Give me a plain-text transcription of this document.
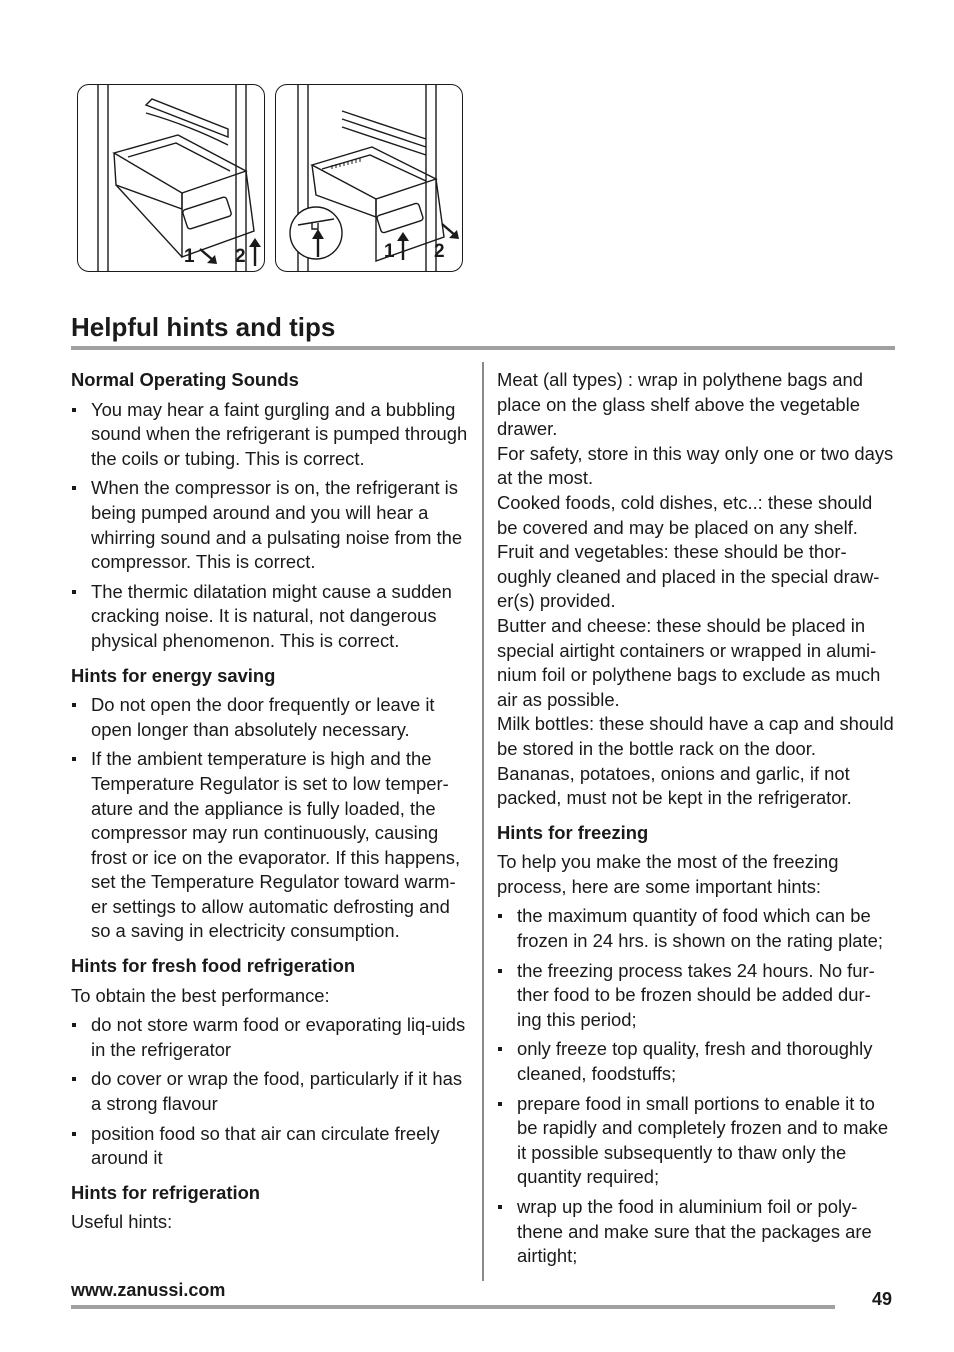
1 2	1 2
Helpful hints and tips
Normal Operating Sounds
You may hear a faint gurgling and a bubbling sound when the refrigerant is pumped through the coils or tubing. This is correct.
When the compressor is on, the refrigerant is being pumped around and you will hear a whirring sound and a pulsating noise from the compressor. This is correct.
The thermic dilatation might cause a sudden cracking noise. It is natural, not dangerous physical phenomenon. This is correct.
Hints for energy saving
Do not open the door frequently or leave it open longer than absolutely necessary.
If the ambient temperature is high and the Temperature Regulator is set to low temper-ature and the appliance is fully loaded, the compressor may run continuously, causing frost or ice on the evaporator. If this happens, set the Temperature Regulator toward warm-er settings to allow automatic defrosting and so a saving in electricity consumption.
Hints for fresh food refrigeration

To obtain the best performance:

do not store warm food or evaporating liq-uids in the refrigerator
do cover or wrap the food, particularly if it has a strong flavour
position food so that air can circulate freely around it
Hints for refrigeration

Useful hints:

Meat (all types) : wrap in polythene bags and place on the glass shelf above the vegetable drawer.

For safety, store in this way only one or two days at the most.

Cooked foods, cold dishes, etc..: these should be covered and may be placed on any shelf.

Fruit and vegetables: these should be thor-oughly cleaned and placed in the special draw-er(s) provided.

Butter and cheese: these should be placed in special airtight containers or wrapped in alumi-nium foil or polythene bags to exclude as much air as possible.

Milk bottles: these should have a cap and should be stored in the bottle rack on the door.

Bananas, potatoes, onions and garlic, if not packed, must not be kept in the refrigerator.

Hints for freezing

To help you make the most of the freezing process, here are some important hints:

the maximum quantity of food which can be frozen in 24 hrs. is shown on the rating plate;
the freezing process takes 24 hours. No fur-ther food to be frozen should be added dur-ing this period;
only freeze top quality, fresh and thoroughly cleaned, foodstuffs;
prepare food in small portions to enable it to be rapidly and completely frozen and to make it possible subsequently to thaw only the quantity required;
wrap up the food in aluminium foil or poly-thene and make sure that the packages are airtight;
www.zanussi.com	49
